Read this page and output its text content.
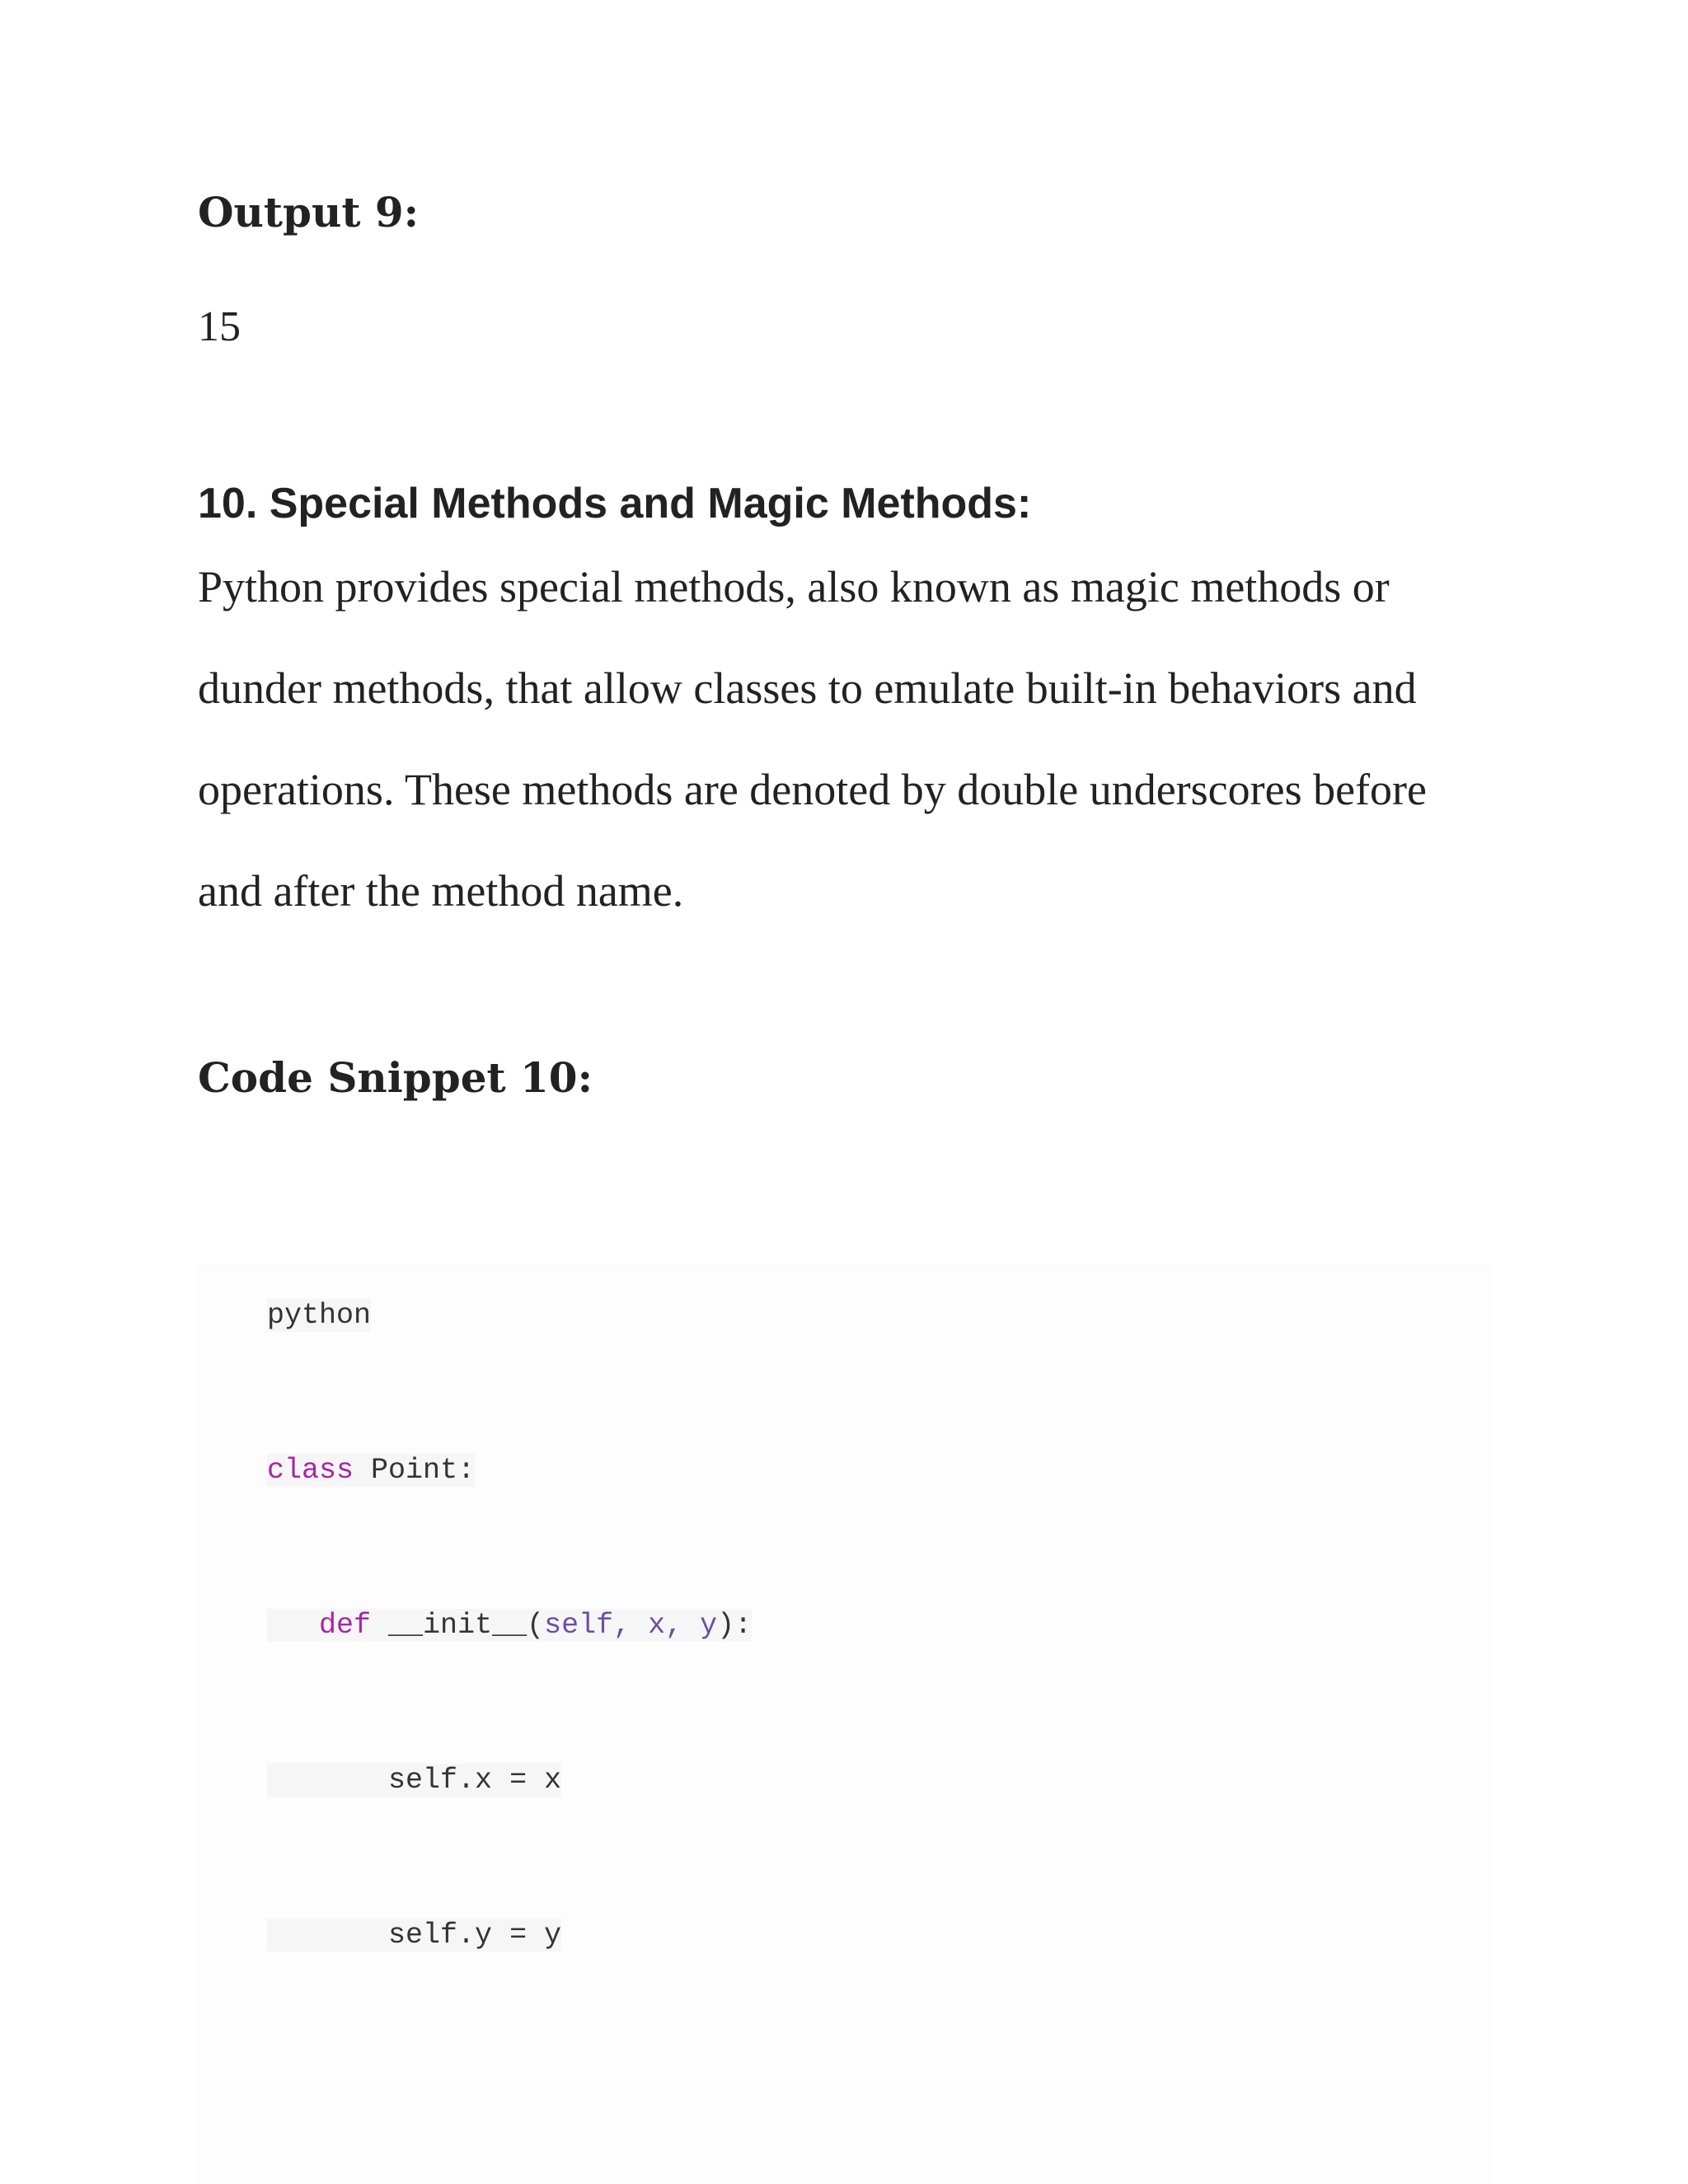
Output 9:

15

10. Special Methods and Magic Methods:
Python provides special methods, also known as magic methods or
dunder methods, that allow classes to emulate built-in behaviors and
operations. These methods are denoted by double underscores before
and after the method name.
Code Snippet 10:

python

class Point:

def __init__(self, x, y):

self.x = x

self.y = y
